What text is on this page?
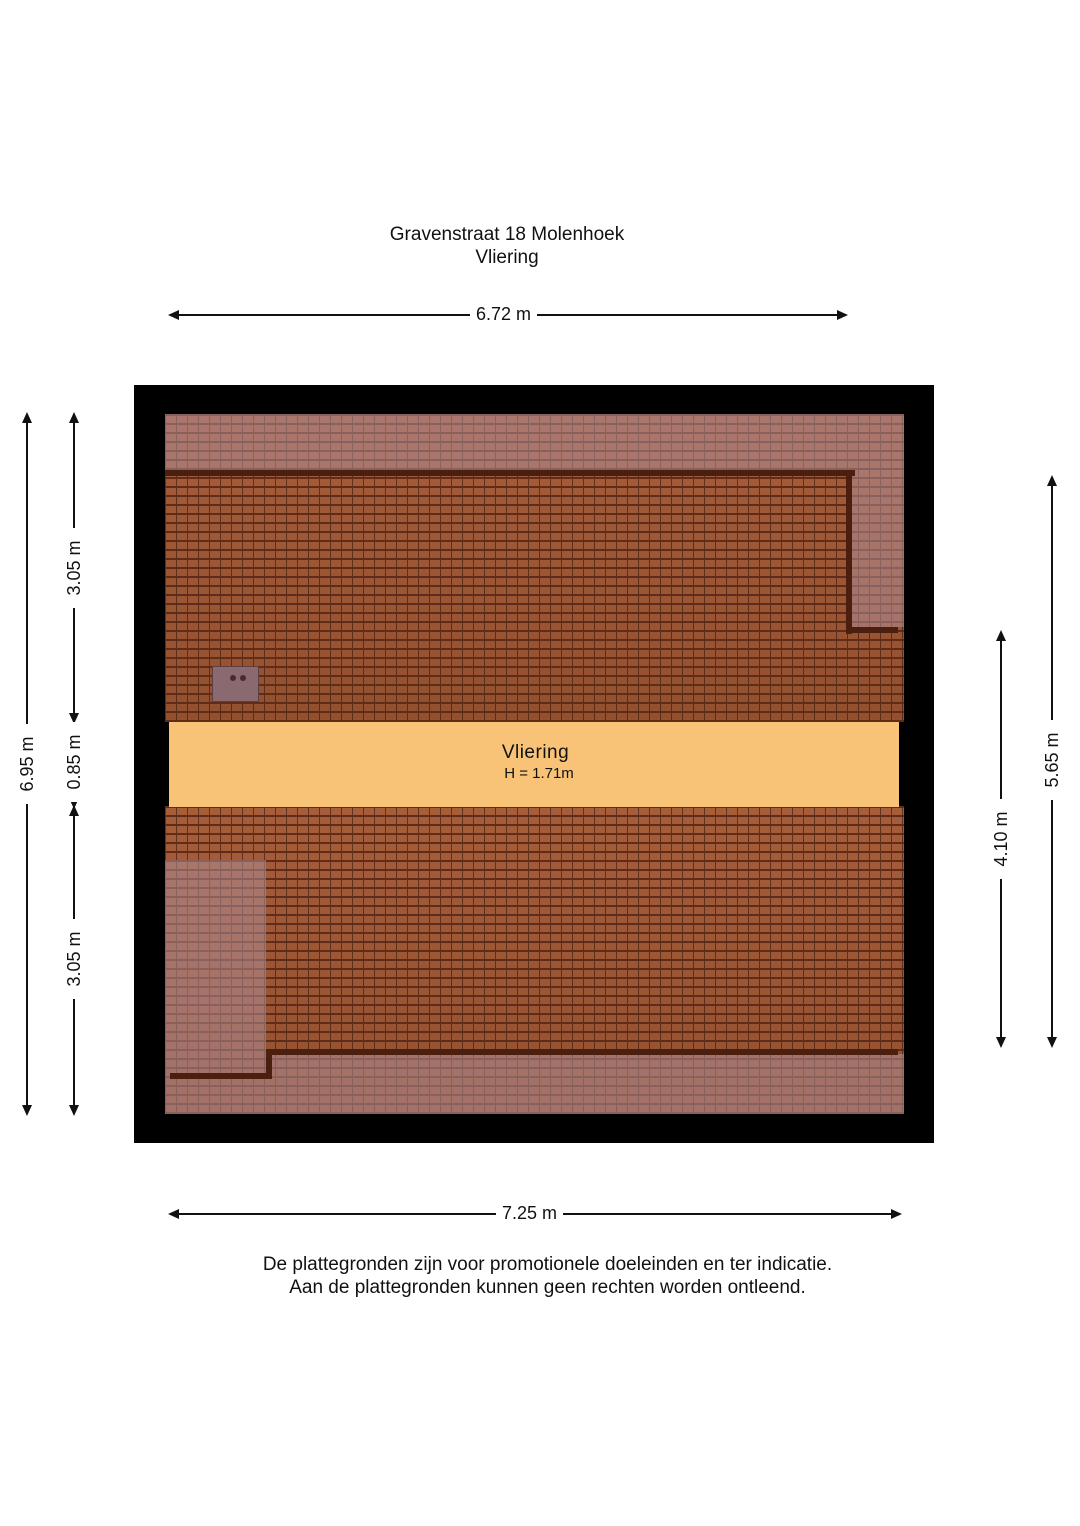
Gravenstraat 18 Molenhoek
Vliering
6.72 m
Vliering
H = 1.71m
6.95 m
3.05 m
0.85 m
3.05 m
4.10 m
5.65 m
7.25 m
De plattegronden zijn voor promotionele doeleinden en ter indicatie.
Aan de plattegronden kunnen geen rechten worden ontleend.
